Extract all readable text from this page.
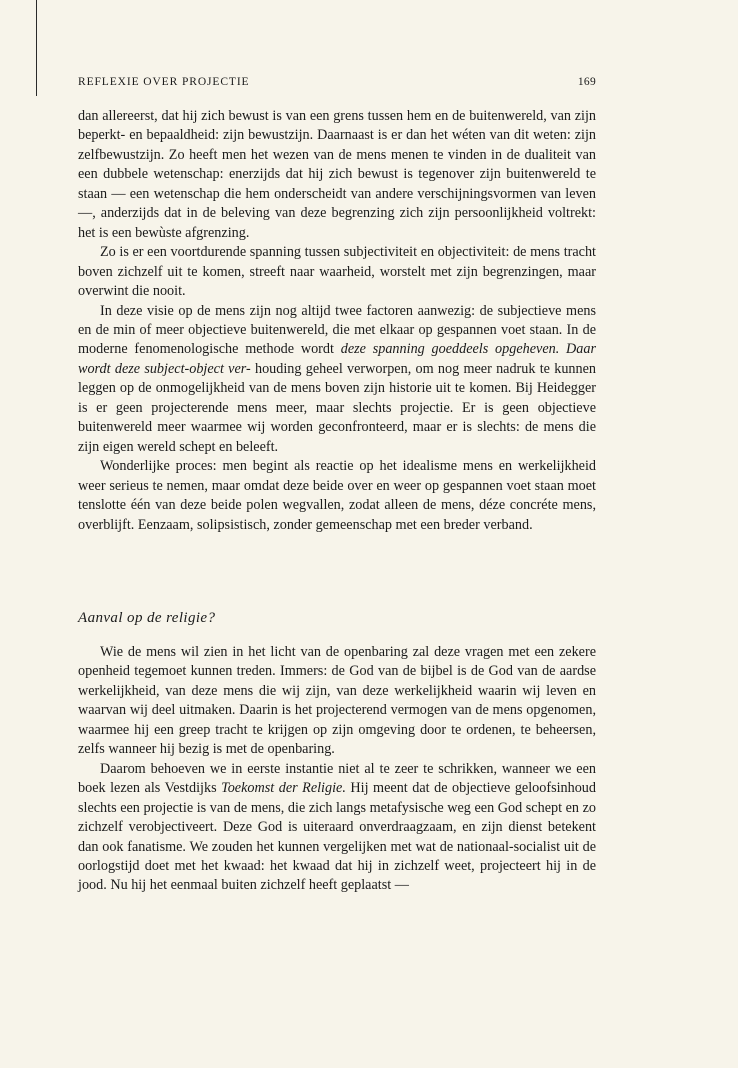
REFLEXIE OVER PROJECTIE	169

dan allereerst, dat hij zich bewust is van een grens tussen hem en de buitenwereld, van zijn beperkt- en bepaaldheid: zijn bewustzijn. Daarnaast is er dan het wéten van dit weten: zijn zelfbewustzijn. Zo heeft men het wezen van de mens menen te vinden in de dualiteit van een dubbele wetenschap: enerzijds dat hij zich bewust is tegenover zijn buitenwereld te staan — een wetenschap die hem onderscheidt van andere verschijningsvormen van leven —, anderzijds dat in de beleving van deze begrenzing zich zijn persoonlijkheid voltrekt: het is een bewùste afgrenzing.

Zo is er een voortdurende spanning tussen subjectiviteit en objectiviteit: de mens tracht boven zichzelf uit te komen, streeft naar waarheid, worstelt met zijn begrenzingen, maar overwint die nooit.

In deze visie op de mens zijn nog altijd twee factoren aanwezig: de subjectieve mens en de min of meer objectieve buitenwereld, die met elkaar op gespannen voet staan. In de moderne fenomenologische methode wordt deze spanning goeddeels opgeheven. Daar wordt deze subject-object ver- houding geheel verworpen, om nog meer nadruk te kunnen leggen op de onmogelijkheid van de mens boven zijn historie uit te komen. Bij Heidegger is er geen projecterende mens meer, maar slechts projectie. Er is geen objectieve buitenwereld meer waarmee wij worden geconfronteerd, maar er is slechts: de mens die zijn eigen wereld schept en beleeft.

Wonderlijke proces: men begint als reactie op het idealisme mens en werkelijkheid weer serieus te nemen, maar omdat deze beide over en weer op gespannen voet staan moet tenslotte één van deze beide polen wegvallen, zodat alleen de mens, déze concréte mens, overblijft. Eenzaam, solipsistisch, zonder gemeenschap met een breder verband.

Aanval op de religie?

Wie de mens wil zien in het licht van de openbaring zal deze vragen met een zekere openheid tegemoet kunnen treden. Immers: de God van de bijbel is de God van de aardse werkelijkheid, van deze mens die wij zijn, van deze werkelijkheid waarin wij leven en waarvan wij deel uitmaken. Daarin is het projecterend vermogen van de mens opgenomen, waarmee hij een greep tracht te krijgen op zijn omgeving door te ordenen, te beheersen, zelfs wanneer hij bezig is met de openbaring.

Daarom behoeven we in eerste instantie niet al te zeer te schrikken, wanneer we een boek lezen als Vestdijks Toekomst der Religie. Hij meent dat de objectieve geloofsinhoud slechts een projectie is van de mens, die zich langs metafysische weg een God schept en zo zichzelf verobjectiveert. Deze God is uiteraard onverdraagzaam, en zijn dienst betekent dan ook fanatisme. We zouden het kunnen vergelijken met wat de nationaal-socialist uit de oorlogstijd doet met het kwaad: het kwaad dat hij in zichzelf weet, projecteert hij in de jood. Nu hij het eenmaal buiten zichzelf heeft geplaatst —
